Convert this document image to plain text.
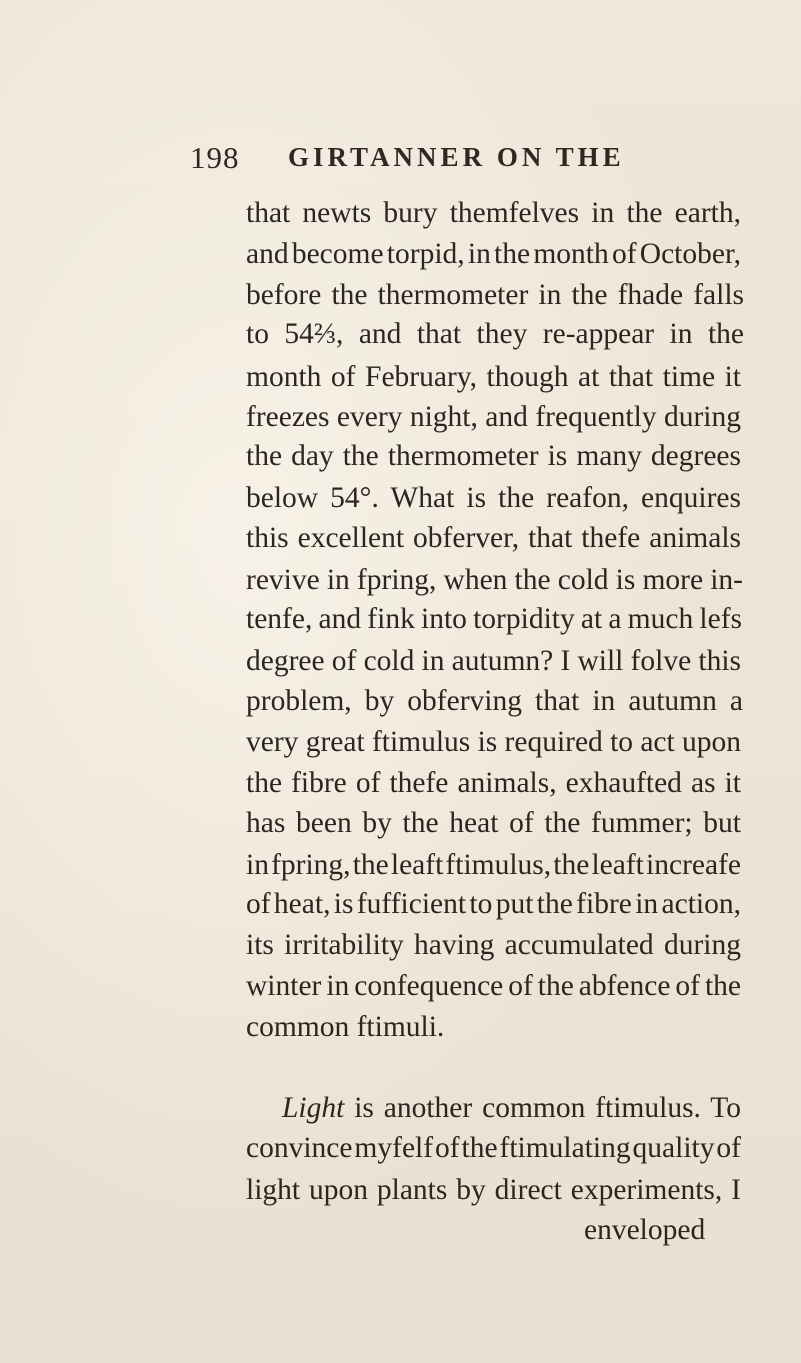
198 GIRTANNER ON THE
that newts bury themfelves in the earth,
and become torpid, in the month of October,
before the thermometer in the fhade falls
to 54⅔, and that they re-appear in the
month of February, though at that time it
freezes every night, and frequently during
the day the thermometer is many degrees
below 54°. What is the reafon, enquires
this excellent obferver, that thefe animals
revive in fpring, when the cold is more in-
tenfe, and fink into torpidity at a much lefs
degree of cold in autumn? I will folve this
problem, by obferving that in autumn a
very great ftimulus is required to act upon
the fibre of thefe animals, exhaufted as it
has been by the heat of the fummer; but
in fpring, the leaft ftimulus, the leaft increafe
of heat, is fufficient to put the fibre in action,
its irritability having accumulated during
winter in confequence of the abfence of the
common ftimuli.
Light is another common ftimulus. To
convince myfelf of the ftimulating quality of
light upon plants by direct experiments, I
enveloped
